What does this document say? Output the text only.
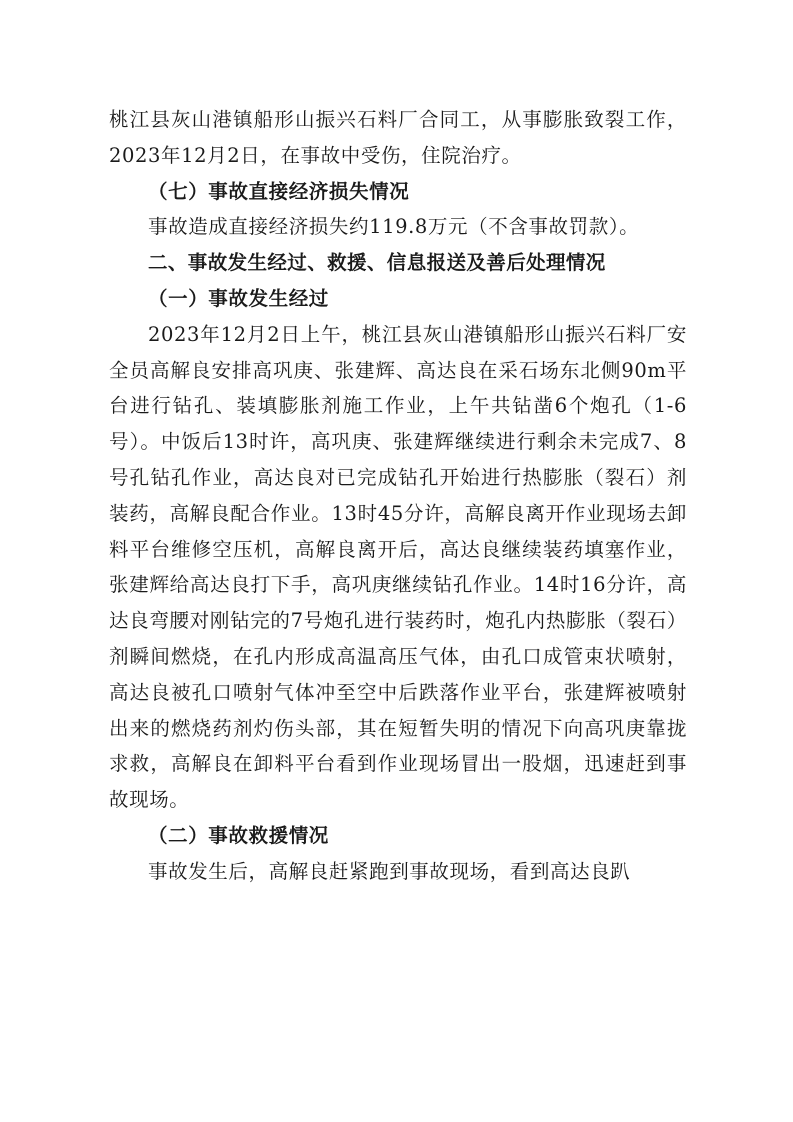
桃江县灰山港镇船形山振兴石料厂合同工，从事膨胀致裂工作，2023年12月2日，在事故中受伤，住院治疗。

（七）事故直接经济损失情况

事故造成直接经济损失约119.8万元（不含事故罚款）。

二、事故发生经过、救援、信息报送及善后处理情况

（一）事故发生经过

2023年12月2日上午，桃江县灰山港镇船形山振兴石料厂安全员高解良安排高巩庚、张建辉、高达良在采石场东北侧90m平台进行钻孔、装填膨胀剂施工作业，上午共钻凿6个炮孔（1-6号）。中饭后13时许，高巩庚、张建辉继续进行剩余未完成7、8号孔钻孔作业，高达良对已完成钻孔开始进行热膨胀（裂石）剂装药，高解良配合作业。13时45分许，高解良离开作业现场去卸料平台维修空压机，高解良离开后，高达良继续装药填塞作业，张建辉给高达良打下手，高巩庚继续钻孔作业。14时16分许，高达良弯腰对刚钻完的7号炮孔进行装药时，炮孔内热膨胀（裂石）剂瞬间燃烧，在孔内形成高温高压气体，由孔口成管束状喷射，高达良被孔口喷射气体冲至空中后跌落作业平台，张建辉被喷射出来的燃烧药剂灼伤头部，其在短暂失明的情况下向高巩庚靠拢求救，高解良在卸料平台看到作业现场冒出一股烟，迅速赶到事故现场。

（二）事故救援情况

事故发生后，高解良赶紧跑到事故现场，看到高达良趴
